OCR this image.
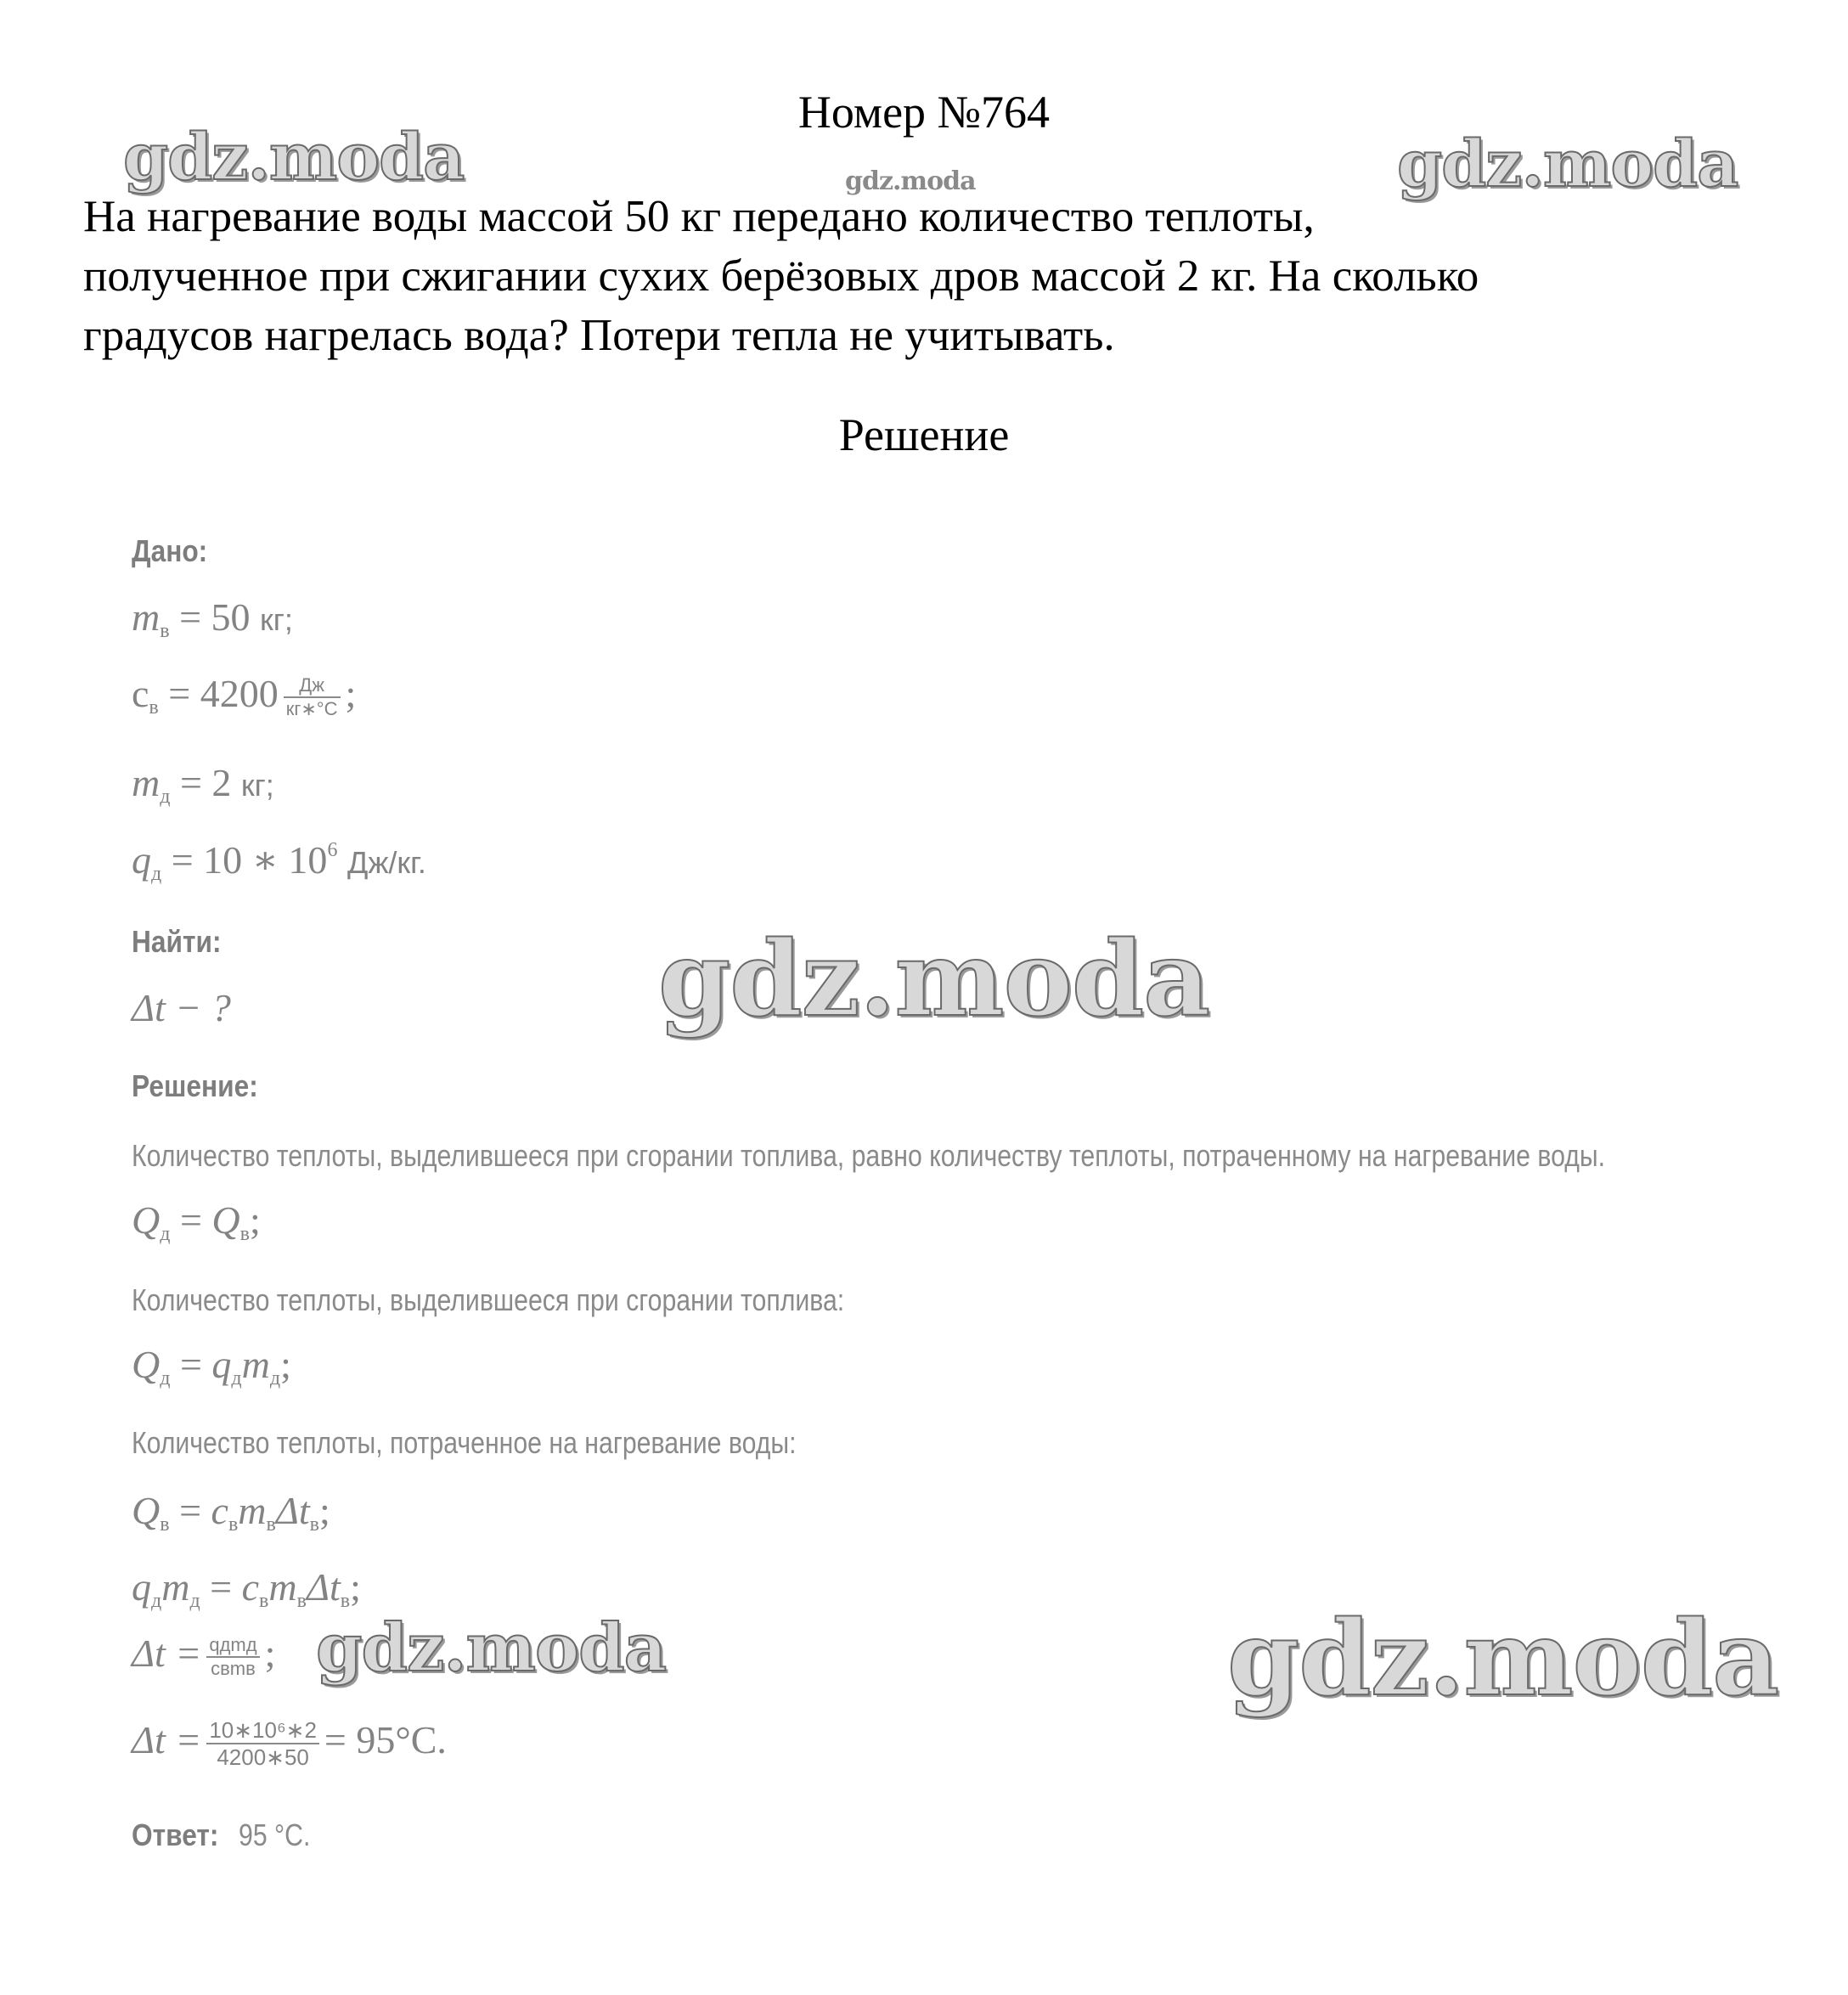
Номер №764
На нагревание воды массой 50 кг передано количество теплоты,
полученное при сжигании сухих берёзовых дров массой 2 кг. На сколько
градусов нагрелась вода? Потери тепла не учитывать.
Решение
Дано:
$m_в = 50$ кг;
$c_в = 4200 \frac{Дж}{кг∗^\circ C}$ ;
$m_д = 2$ кг;
$q_д = 10$ ∗ $10^6$ Дж/кг.
Найти:
Δt − ?
Решение:
Количество теплоты, выделившееся при сгорании топлива, равно количеству теплоты, потраченному на нагревание воды.
$Q_д = Q_в$;
Количество теплоты, выделившееся при сгорании топлива:
$Q_д = q_дm_д$;
Количество теплоты, потраченное на нагревание воды:
$Q_в = c_вm_в\Delta t_в$;
$q_дm_д = c_вm_в\Delta t_в$;
$\Delta t = \frac{\text{qдmд}}{\text{cвmв}}$ ;
$\Delta t = \frac{\text{10∗10⁶∗2}}{4200∗50} = 95^\circ C$.
Ответ: 95 °C.
gdz.moda	gdz.moda	gdz.moda
gdz.moda
gdz.moda	gdz.moda
